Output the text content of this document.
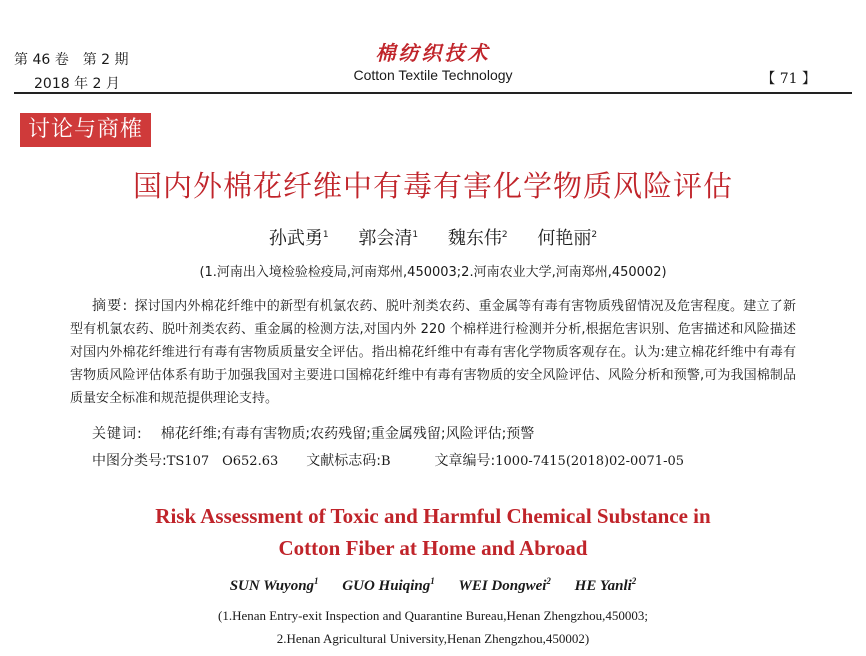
第 46 卷　第 2 期
2018 年 2 月
棉纺织技术
Cotton Textile Technology	【 71 】
讨论与商榷
国内外棉花纤维中有毒有害化学物质风险评估
孙武勇$^1$ 郭会清$^1$ 魏东伟$^2$ 何艳丽$^2$
(1.河南出入境检验检疫局,河南郑州,450003;2.河南农业大学,河南郑州,450002)
摘要: 探讨国内外棉花纤维中的新型有机氯农药、脱叶剂类农药、重金属等有毒有害物质残留情况及危害程度。建立了新型有机氯农药、脱叶剂类农药、重金属的检测方法,对国内外 220 个棉样进行检测并分析,根据危害识别、危害描述和风险描述对国内外棉花纤维进行有毒有害物质质量安全评估。指出棉花纤维中有毒有害化学物质客观存在。认为:建立棉花纤维中有毒有害物质风险评估体系有助于加强我国对主要进口国棉花纤维中有毒有害物质的安全风险评估、风险分析和预警,可为我国棉制品质量安全标准和规范提供理论支持。
关键词: 棉花纤维;有毒有害物质;农药残留;重金属残留;风险评估;预警
中图分类号:TS107　O652.63 文献标志码:B	文章编号:1000-7415(2018)02-0071-05
Risk Assessment of Toxic and Harmful Chemical Substance in
Cotton Fiber at Home and Abroad
SUN Wuyong$^1$ GUO Huiqing$^1$ WEI Dongwei$^2$ HE Yanli$^2$
(1.Henan Entry-exit Inspection and Quarantine Bureau,Henan Zhengzhou,450003;
2.Henan Agricultural University,Henan Zhengzhou,450002)
